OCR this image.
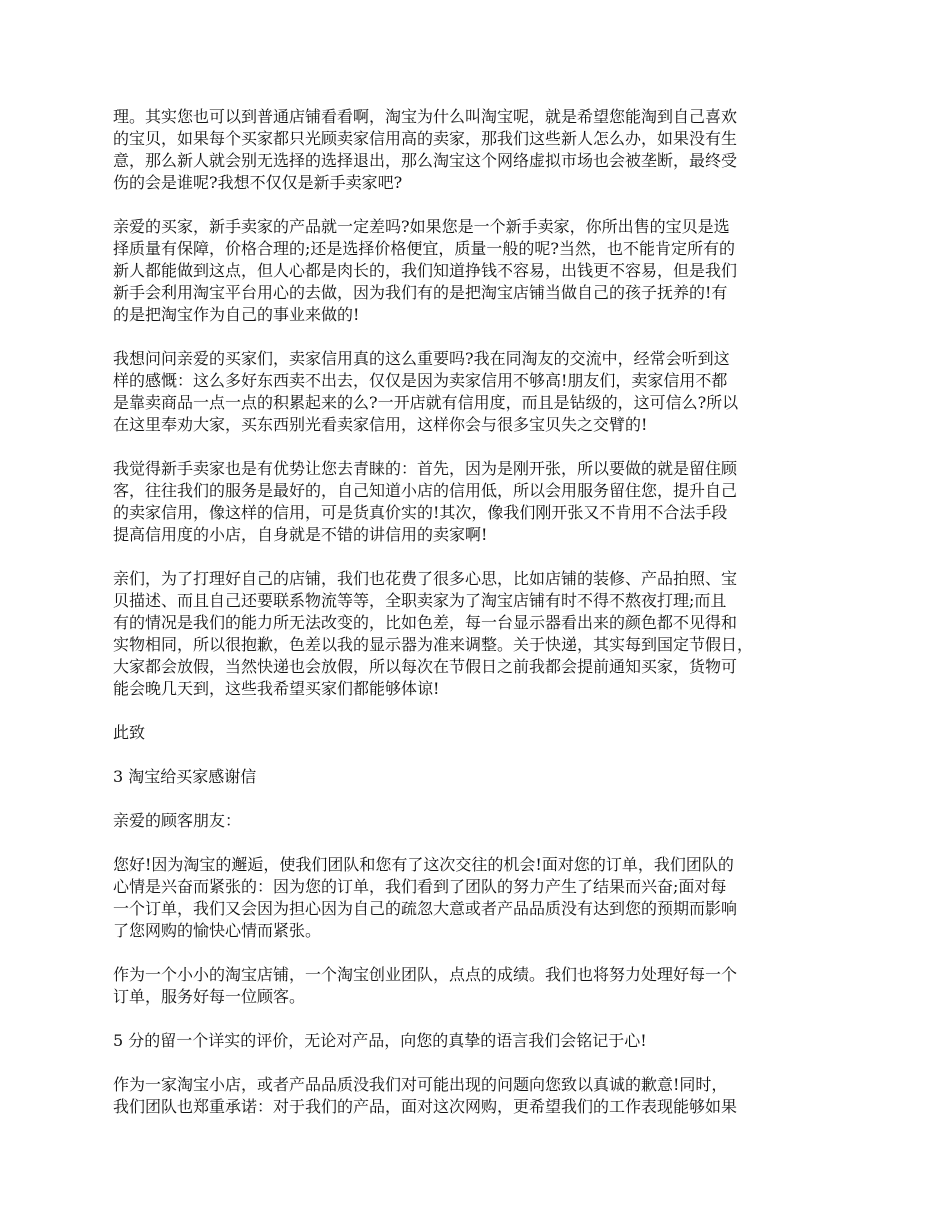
理。其实您也可以到普通店铺看看啊，淘宝为什么叫淘宝呢，就是希望您能淘到自己喜欢
的宝贝，如果每个买家都只光顾卖家信用高的卖家，那我们这些新人怎么办，如果没有生
意，那么新人就会别无选择的选择退出，那么淘宝这个网络虚拟市场也会被垄断，最终受
伤的会是谁呢?我想不仅仅是新手卖家吧?

亲爱的买家，新手卖家的产品就一定差吗?如果您是一个新手卖家，你所出售的宝贝是选
择质量有保障，价格合理的;还是选择价格便宜，质量一般的呢?当然，也不能肯定所有的
新人都能做到这点，但人心都是肉长的，我们知道挣钱不容易，出钱更不容易，但是我们
新手会利用淘宝平台用心的去做，因为我们有的是把淘宝店铺当做自己的孩子抚养的!有
的是把淘宝作为自己的事业来做的!

我想问问亲爱的买家们，卖家信用真的这么重要吗?我在同淘友的交流中，经常会听到这
样的感慨：这么多好东西卖不出去，仅仅是因为卖家信用不够高!朋友们，卖家信用不都
是靠卖商品一点一点的积累起来的么?一开店就有信用度，而且是钻级的，这可信么?所以
在这里奉劝大家，买东西别光看卖家信用，这样你会与很多宝贝失之交臂的!

我觉得新手卖家也是有优势让您去青睐的：首先，因为是刚开张，所以要做的就是留住顾
客，往往我们的服务是最好的，自己知道小店的信用低，所以会用服务留住您，提升自己
的卖家信用，像这样的信用，可是货真价实的!其次，像我们刚开张又不肯用不合法手段
提高信用度的小店，自身就是不错的讲信用的卖家啊!

亲们，为了打理好自己的店铺，我们也花费了很多心思，比如店铺的装修、产品拍照、宝
贝描述、而且自己还要联系物流等等，全职卖家为了淘宝店铺有时不得不熬夜打理;而且
有的情况是我们的能力所无法改变的，比如色差，每一台显示器看出来的颜色都不见得和
实物相同，所以很抱歉，色差以我的显示器为准来调整。关于快递，其实每到国定节假日，
大家都会放假，当然快递也会放假，所以每次在节假日之前我都会提前通知买家，货物可
能会晚几天到，这些我希望买家们都能够体谅!

此致

3 淘宝给买家感谢信

亲爱的顾客朋友：

您好!因为淘宝的邂逅，使我们团队和您有了这次交往的机会!面对您的订单，我们团队的
心情是兴奋而紧张的：因为您的订单，我们看到了团队的努力产生了结果而兴奋;面对每
一个订单，我们又会因为担心因为自己的疏忽大意或者产品品质没有达到您的预期而影响
了您网购的愉快心情而紧张。

作为一个小小的淘宝店铺，一个淘宝创业团队，点点的成绩。我们也将努力处理好每一个
订单，服务好每一位顾客。

5 分的留一个详实的评价，无论对产品，向您的真挚的语言我们会铭记于心!

作为一家淘宝小店，或者产品品质没我们对可能出现的问题向您致以真诚的歉意!同时，
我们团队也郑重承诺：对于我们的产品，面对这次网购，更希望我们的工作表现能够如果
